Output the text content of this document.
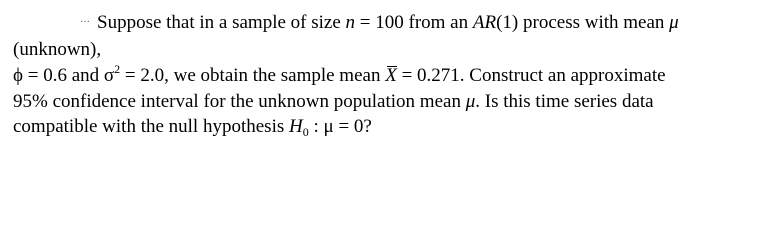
··· Suppose that in a sample of size n = 100 from an AR(1) process with mean μ
(unknown),
ϕ = 0.6 and $\sigma^2 = 2.0$, we obtain the sample mean X = 0.271. Construct an approximate
95% confidence interval for the unknown population mean μ. Is this time series data
compatible with the null hypothesis $H_0$ : μ = 0?
